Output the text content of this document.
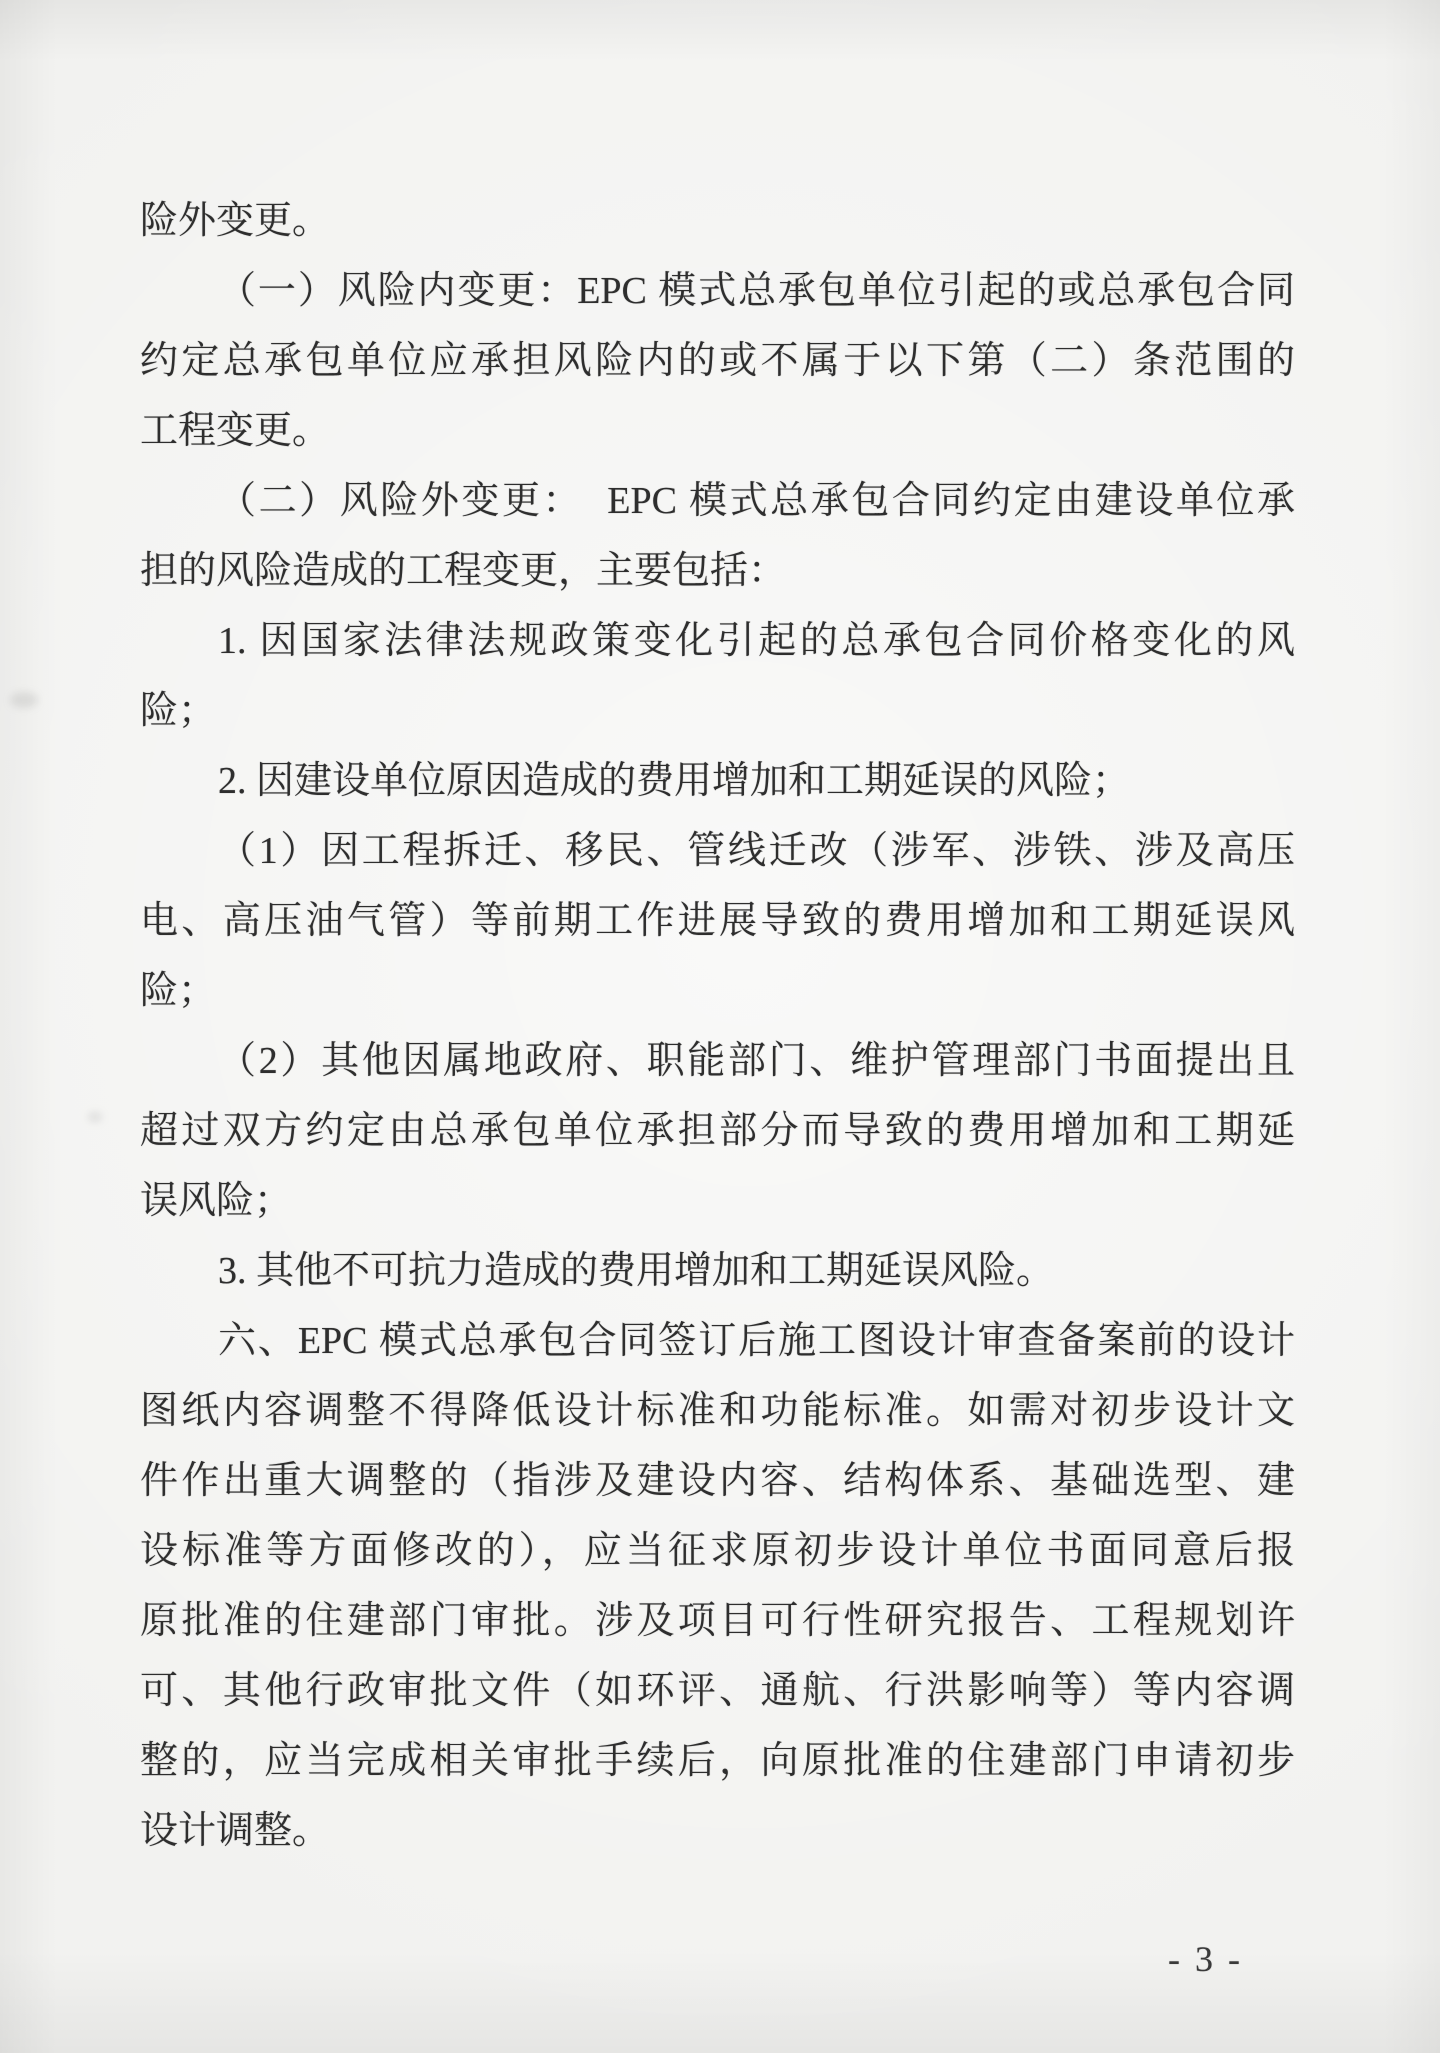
险外变更。
（一）风险内变更：EPC 模式总承包单位引起的或总承包合同
约定总承包单位应承担风险内的或不属于以下第（二）条范围的
工程变更。
（二）风险外变更：  EPC 模式总承包合同约定由建设单位承
担的风险造成的工程变更，主要包括：
1. 因国家法律法规政策变化引起的总承包合同价格变化的风
险；
2. 因建设单位原因造成的费用增加和工期延误的风险；
（1）因工程拆迁、移民、管线迁改（涉军、涉铁、涉及高压
电、高压油气管）等前期工作进展导致的费用增加和工期延误风
险；
（2）其他因属地政府、职能部门、维护管理部门书面提出且
超过双方约定由总承包单位承担部分而导致的费用增加和工期延
误风险；
3. 其他不可抗力造成的费用增加和工期延误风险。
六、EPC 模式总承包合同签订后施工图设计审查备案前的设计
图纸内容调整不得降低设计标准和功能标准。如需对初步设计文
件作出重大调整的（指涉及建设内容、结构体系、基础选型、建
设标准等方面修改的），应当征求原初步设计单位书面同意后报
原批准的住建部门审批。涉及项目可行性研究报告、工程规划许
可、其他行政审批文件（如环评、通航、行洪影响等）等内容调
整的，应当完成相关审批手续后，向原批准的住建部门申请初步
设计调整。
- 3 -
